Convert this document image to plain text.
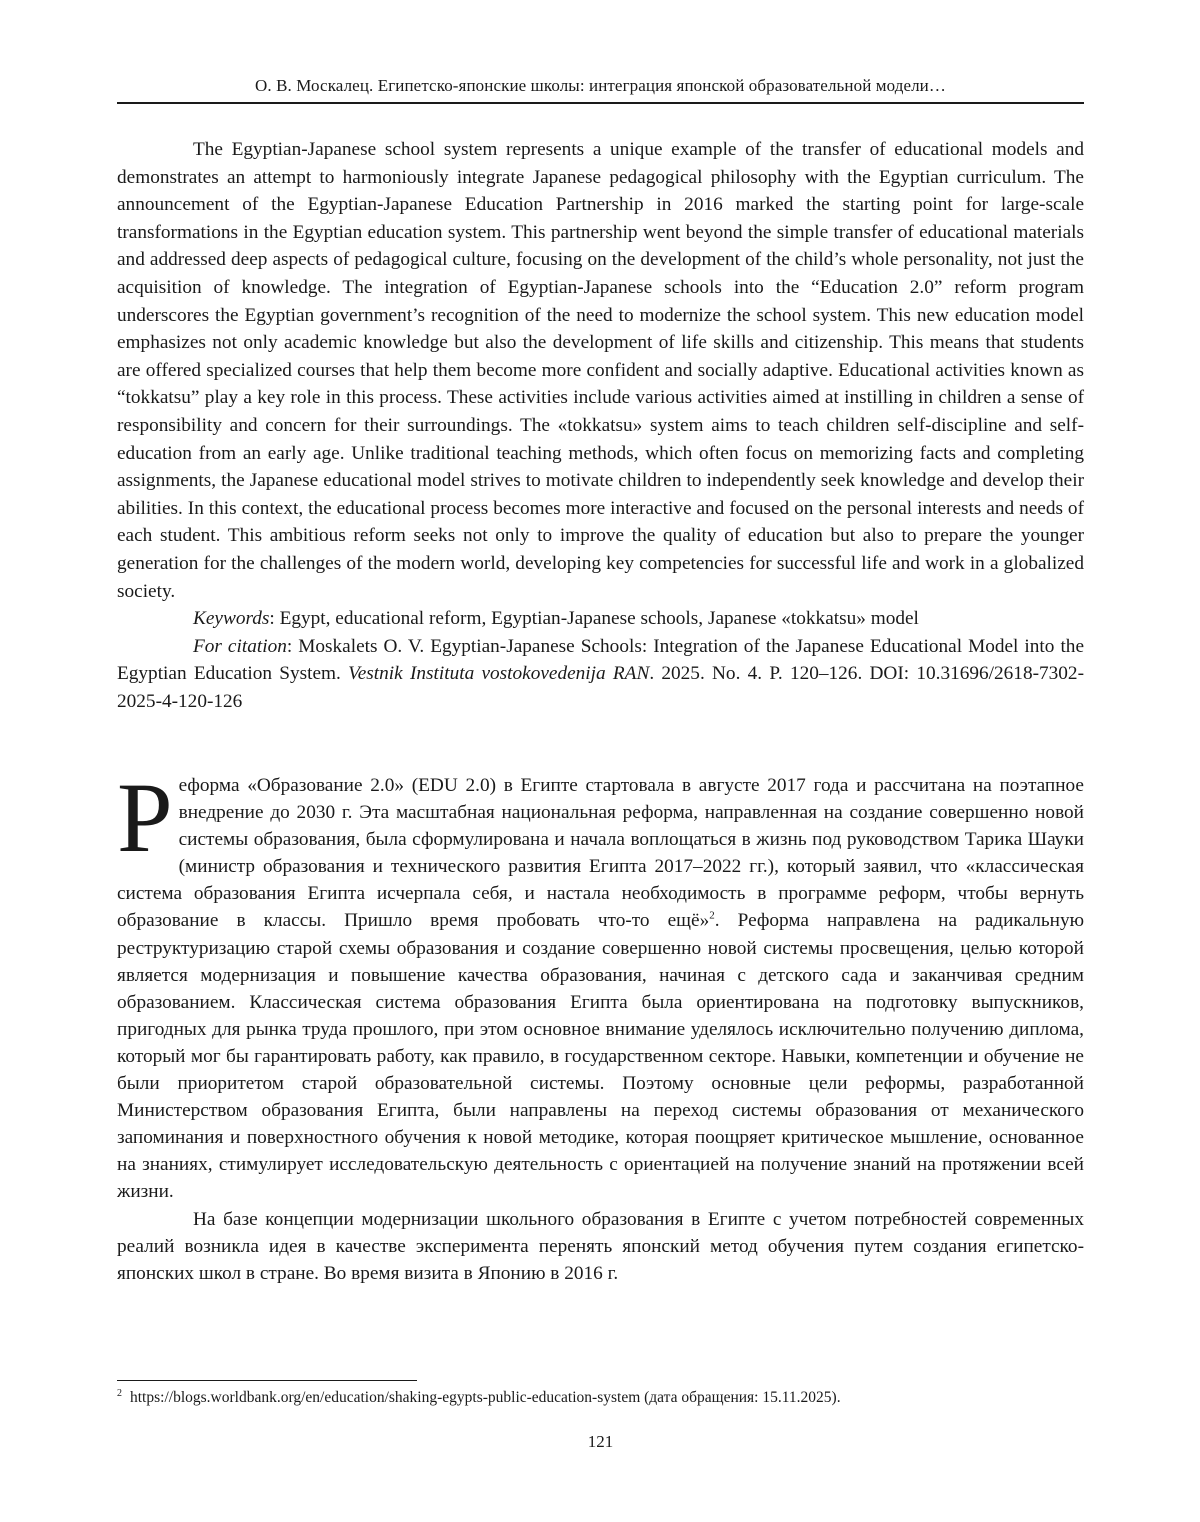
О. В. Москалец. Египетско-японские школы: интеграция японской образовательной модели…

The Egyptian-Japanese school system represents a unique example of the transfer of educational models and demonstrates an attempt to harmoniously integrate Japanese pedagogical philosophy with the Egyptian curriculum. The announcement of the Egyptian-Japanese Education Partnership in 2016 marked the starting point for large-scale transformations in the Egyptian education system. This partnership went beyond the simple transfer of educational materials and addressed deep aspects of pedagogical culture, focusing on the development of the child’s whole personality, not just the acquisition of knowledge. The integration of Egyptian-Japanese schools into the “Education 2.0” reform program underscores the Egyptian government’s recognition of the need to modernize the school system. This new education model emphasizes not only academic knowledge but also the development of life skills and citizenship. This means that students are offered specialized courses that help them become more confident and socially adaptive. Educational activities known as “tokkatsu” play a key role in this process. These activities include various activities aimed at instilling in children a sense of responsibility and concern for their surroundings. The «tokkatsu» system aims to teach children self-discipline and self-education from an early age. Unlike traditional teaching methods, which often focus on memorizing facts and completing assignments, the Japanese educational model strives to motivate children to independently seek knowledge and develop their abilities. In this context, the educational process becomes more interactive and focused on the personal interests and needs of each student. This ambitious reform seeks not only to improve the quality of education but also to prepare the younger generation for the challenges of the modern world, developing key competencies for successful life and work in a globalized society.

Keywords: Egypt, educational reform, Egyptian-Japanese schools, Japanese «tokkatsu» model

For citation: Moskalets O. V. Egyptian-Japanese Schools: Integration of the Japanese Educational Model into the Egyptian Education System. Vestnik Instituta vostokovedenija RAN. 2025. No. 4. P. 120–126. DOI: 10.31696/2618-7302-2025-4-120-126

Реформа «Образование 2.0» (EDU 2.0) в Египте стартовала в августе 2017 года и рассчитана на поэтапное внедрение до 2030 г. Эта масштабная национальная реформа, направленная на создание совершенно новой системы образования, была сформулирована и начала воплощаться в жизнь под руководством Тарика Шауки (министр образования и технического развития Египта 2017–2022 гг.), который заявил, что «классическая система образования Египта исчерпала себя, и настала необходимость в программе реформ, чтобы вернуть образование в классы. Пришло время пробовать что-то ещё»$^2$. Реформа направлена на радикальную реструктуризацию старой схемы образования и создание совершенно новой системы просвещения, целью которой является модернизация и повышение качества образования, начиная с детского сада и заканчивая средним образованием. Классическая система образования Египта была ориентирована на подготовку выпускников, пригодных для рынка труда прошлого, при этом основное внимание уделялось исключительно получению диплома, который мог бы гарантировать работу, как правило, в государственном секторе. Навыки, компетенции и обучение не были приоритетом старой образовательной системы. Поэтому основные цели реформы, разработанной Министерством образования Египта, были направлены на переход системы образования от механического запоминания и поверхностного обучения к новой методике, которая поощряет критическое мышление, основанное на знаниях, стимулирует исследовательскую деятельность с ориентацией на получение знаний на протяжении всей жизни.

На базе концепции модернизации школьного образования в Египте с учетом потребностей современных реалий возникла идея в качестве эксперимента перенять японский метод обучения путем создания египетско-японских школ в стране. Во время визита в Японию в 2016 г.

$^2$ https://blogs.worldbank.org/en/education/shaking-egypts-public-education-system (дата обращения: 15.11.2025).
121
